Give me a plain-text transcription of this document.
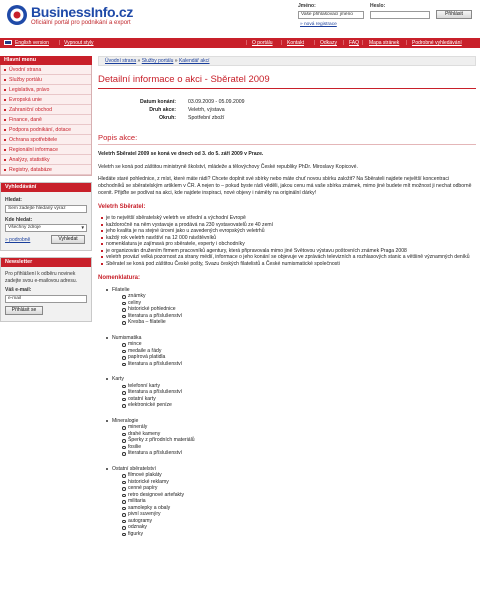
BusinessInfo.cz
Oficiální portál pro podnikání a export
Jméno:	Heslo:
Vaše přihlašovací jméno	Přihlásit
» nová registrace
English version | Vypnout styly	| O portálu | Kontakt | Odkazy | FAQ | Mapa stránek | Podrobné vyhledávání
Hlavní menu
Úvodní strana
Služby portálu
Legislativa, právo
Evropská unie
Zahraniční obchod
Finance, daně
Podpora podnikání, dotace
Ochrana spotřebitele
Regionální informace
Analýzy, statistiky
Registry, databáze
Vyhledávání
Hledat:
Sem zadejte hledaný výraz
Kde hledat:
Všechny zdroje	▼
» podrobně	Vyhledat
Newsletter
Pro přihlášení k odběru novinek zadejte svou e-mailovou adresu.
Váš e-mail:
e-mail
Přihlásit se
Úvodní strana » Služby portálu » Kalendář akcí
Detailní informace o akci - Sběratel 2009
Datum konání: 03.09.2009 - 05.09.2009
Druh akce: Veletrh, výstava
Okruh: Spotřební zboží
Popis akce:

Veletrh Sběratel 2009 se koná ve dnech od 3. do 5. září 2009 v Praze.

Veletrh se koná pod záštitou ministryně školství, mládeže a tělovýchovy České republiky PhDr. Miroslavy Kopicové.

Hledáte staré pohlednice, z míst, které máte rádi? Chcete doplnit své sbírky nebo máte chuť novou sbírku založit? Na Sběrateli najdete největší koncentraci obchodníků se sběratelským artiklem v ČR. A nejen to – pokud byste rádi věděli, jakou cenu má vaše sbírka známek, mimo jiné budete mít možnost ji nechat odborně ocenit. Přijďte se podívat na akci, kde najdete inspiraci, nové objevy i náměty na originální dárky!

Veletrh Sběratel:
je to největší sběratelský veletrh ve střední a východní Evropě
každoročně na něm vystavuje a prodává na 230 vystavovatelů ze 40 zemí
jeho kvalita je na stejné úrovni jako u zavedených evropských veletrhů
každý rok veletrh navštíví na 12 000 návštěvníků
nomenklatura je zajímavá pro sběratele, experty i obchodníky
je organizován družením firmem pracovníků agentury, která připravovala mimo jiné Světovou výstavu poštovních známek Praga 2008
veletrh provází velká pozornost za strany médií, informace o jeho konání se objevuje ve zprávách televizních a rozhlasových stanic a většině významných deníků
Sběratel se koná pod záštitou České pošty, Svazu českých filatelistů a České numismatické společnosti
Nomenklatura:
Filatelie
známky
celiny
historické pohlednice
literatura a příslušenství
Kresba – filatelie
Numismatika
mince
medaile a řády
papírová platidla
literatura a příslušenství
Karty
telefonní karty
literatura a příslušenství
ostatní karty
elektronické peníze
Mineralogie
minerály
drahé kameny
Šperky z přírodních materiálů
fosilie
literatura a příslušenství
Ostatní sběratelství
filmové plakáty
historické reklamy
cenné papíry
retro designové artefakty
militaria
samolepky a obaly
pivní suvenýry
autogramy
odznaky
figurky
